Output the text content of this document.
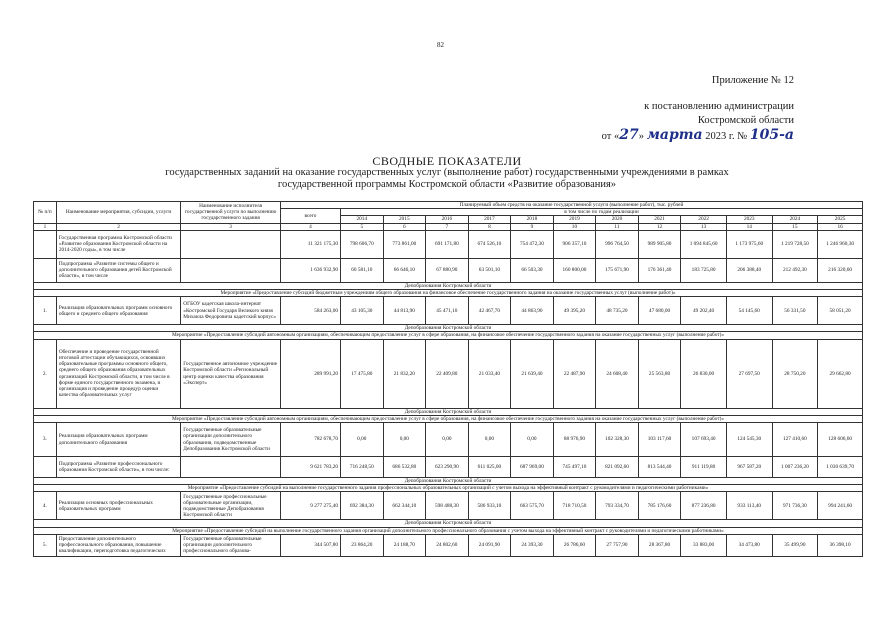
82
Приложение № 12
к постановлению администрации
Костромской области
от «27» марта 2023 г. № 105-а
СВОДНЫЕ ПОКАЗАТЕЛИ
государственных заданий на оказание государственных услуг (выполнение работ) государственными учреждениями в рамках
государственной программы Костромской области «Развитие образования»
№ п/п	Наименование мероприятия, субсидии, услуги	Наименование исполнителя государственной услуги по выполнению государственного задания	Планируемый объем средств на оказание государственной услуги (выполнение работ), тыс. рублей												
			всего	в том числе по годам реализации											
				2014	2015	2016	2017	2018	2019	2020	2021	2022	2023	2024	2025
1	2	3	4	5	6	7	8	9	10	11	12	13	14	15	16
	Государственная программа Костромской области «Развитие образования Костромской области на 2014-2020 годы», в том числе		11 321 175,30	798 606,70	773 861,00	691 171,80	674 526,10	754 472,30	906 357,10	996 764,50	989 905,80	1 094 845,60	1 173 975,60	1 219 728,50	1 246 960,30
	Подпрограмма «Развитие системы общего и дополнительного образования детей Костромской области», в том числе		1 636 932,90	60 581,10	66 646,10	67 880,90	63 501,10	66 503,30	160 800,00	175 671,90	176 361,40	183 725,80	206 388,40	212 492,30	216 320,60
Депобразования Костромской области															
Мероприятие «Предоставление субсидий бюджетным учреждениям общего образования на финансовое обеспечение государственного задания на оказание государственных услуг (выполнение работ)»															
1.	Реализация образовательных программ основного общего и среднего общего образования	ОГБОУ кадетская школа-интернат «Костромской Государя Великого князя Михаила Федоровича кадетский корпус»	584 263,00	43 105,30	44 813,90	45 471,10	42 467,70	44 863,90	49 395,20	48 735,20	47 680,00	49 202,40	54 145,60	56 331,50	58 051,20
Депобразования Костромской области															
Мероприятие «Предоставление субсидий автономным организациям, обеспечивающим предоставление услуг в сфере образования, на финансовое обеспечение государственного задания на оказание государственных услуг (выполнение работ)»															
2.	Обеспечение и проведение государственной итоговой аттестации обучающихся, освоивших образовательные программы основного общего, среднего общего образования образовательных организаций Костромской области, в том числе в форме единого государственного экзамена, и организация и проведение процедур оценки качества образовательных услуг	Государственное автономное учреждение Костромской области «Региональный центр оценки качества образования «Эксперт»	289 991,20	17 475,80	21 832,20	22 409,80	21 033,40	21 639,40	22 487,90	24 608,40	25 563,80	26 830,00	27 697,50	28 750,20	29 662,80
Депобразования Костромской области															
Мероприятие «Предоставление субсидий автономным организациям, обеспечивающим предоставление услуг в сфере образования, на финансовое обеспечение государственного задания на оказание государственных услуг (выполнение работ)»															
3.	Реализация образовательных программ дополнительного образования	Государственные образовательные организации дополнительного образования, подведомственные Депобразования Костромской области	782 678,70	0,00	0,00	0,00	0,00	0,00	88 976,90	102 328,30	103 117,60	107 693,40	124 545,30	127 410,60	128 606,60
	Подпрограмма «Развитие профессионального образования Костромской области», в том числе:		9 621 783,20	716 248,50	686 532,80	623 290,90	611 025,00	687 969,00	745 497,10	821 092,60	813 544,40	911 119,80	967 587,20	1 007 236,20	1 030 639,70
Депобразования Костромской области															
Мероприятие «Предоставление субсидий на выполнение государственного задания профессиональных образовательных организаций с учетом выхода на эффективный контракт с руководителями и педагогическими работниками»															
4.	Реализация основных профессиональных образовательных программ	Государственные профессиональные образовательные организации, подведомственные Депобразования Костромской области	9 277 275,40	692 384,30	662 344,10	598 488,30	586 933,10	663 575,70	718 710,50	793 334,70	785 176,60	877 236,80	933 113,40	971 736,30	994 241,60
Депобразования Костромской области															
Мероприятие «Предоставление субсидий на выполнение государственного задания организаций дополнительного профессионального образования с учетом выхода на эффективный контракт с руководителями и педагогическими работниками»															
5.	Предоставление дополнительного профессионального образования, повышение квалификации, переподготовка педагогических	Государственные образовательные организации дополнительного профессионального образова-	344 507,80	23 864,20	24 188,70	24 802,60	24 091,90	24 393,30	26 786,60	27 757,90	28 367,80	33 883,00	34 473,80	35 499,90	36 398,10
